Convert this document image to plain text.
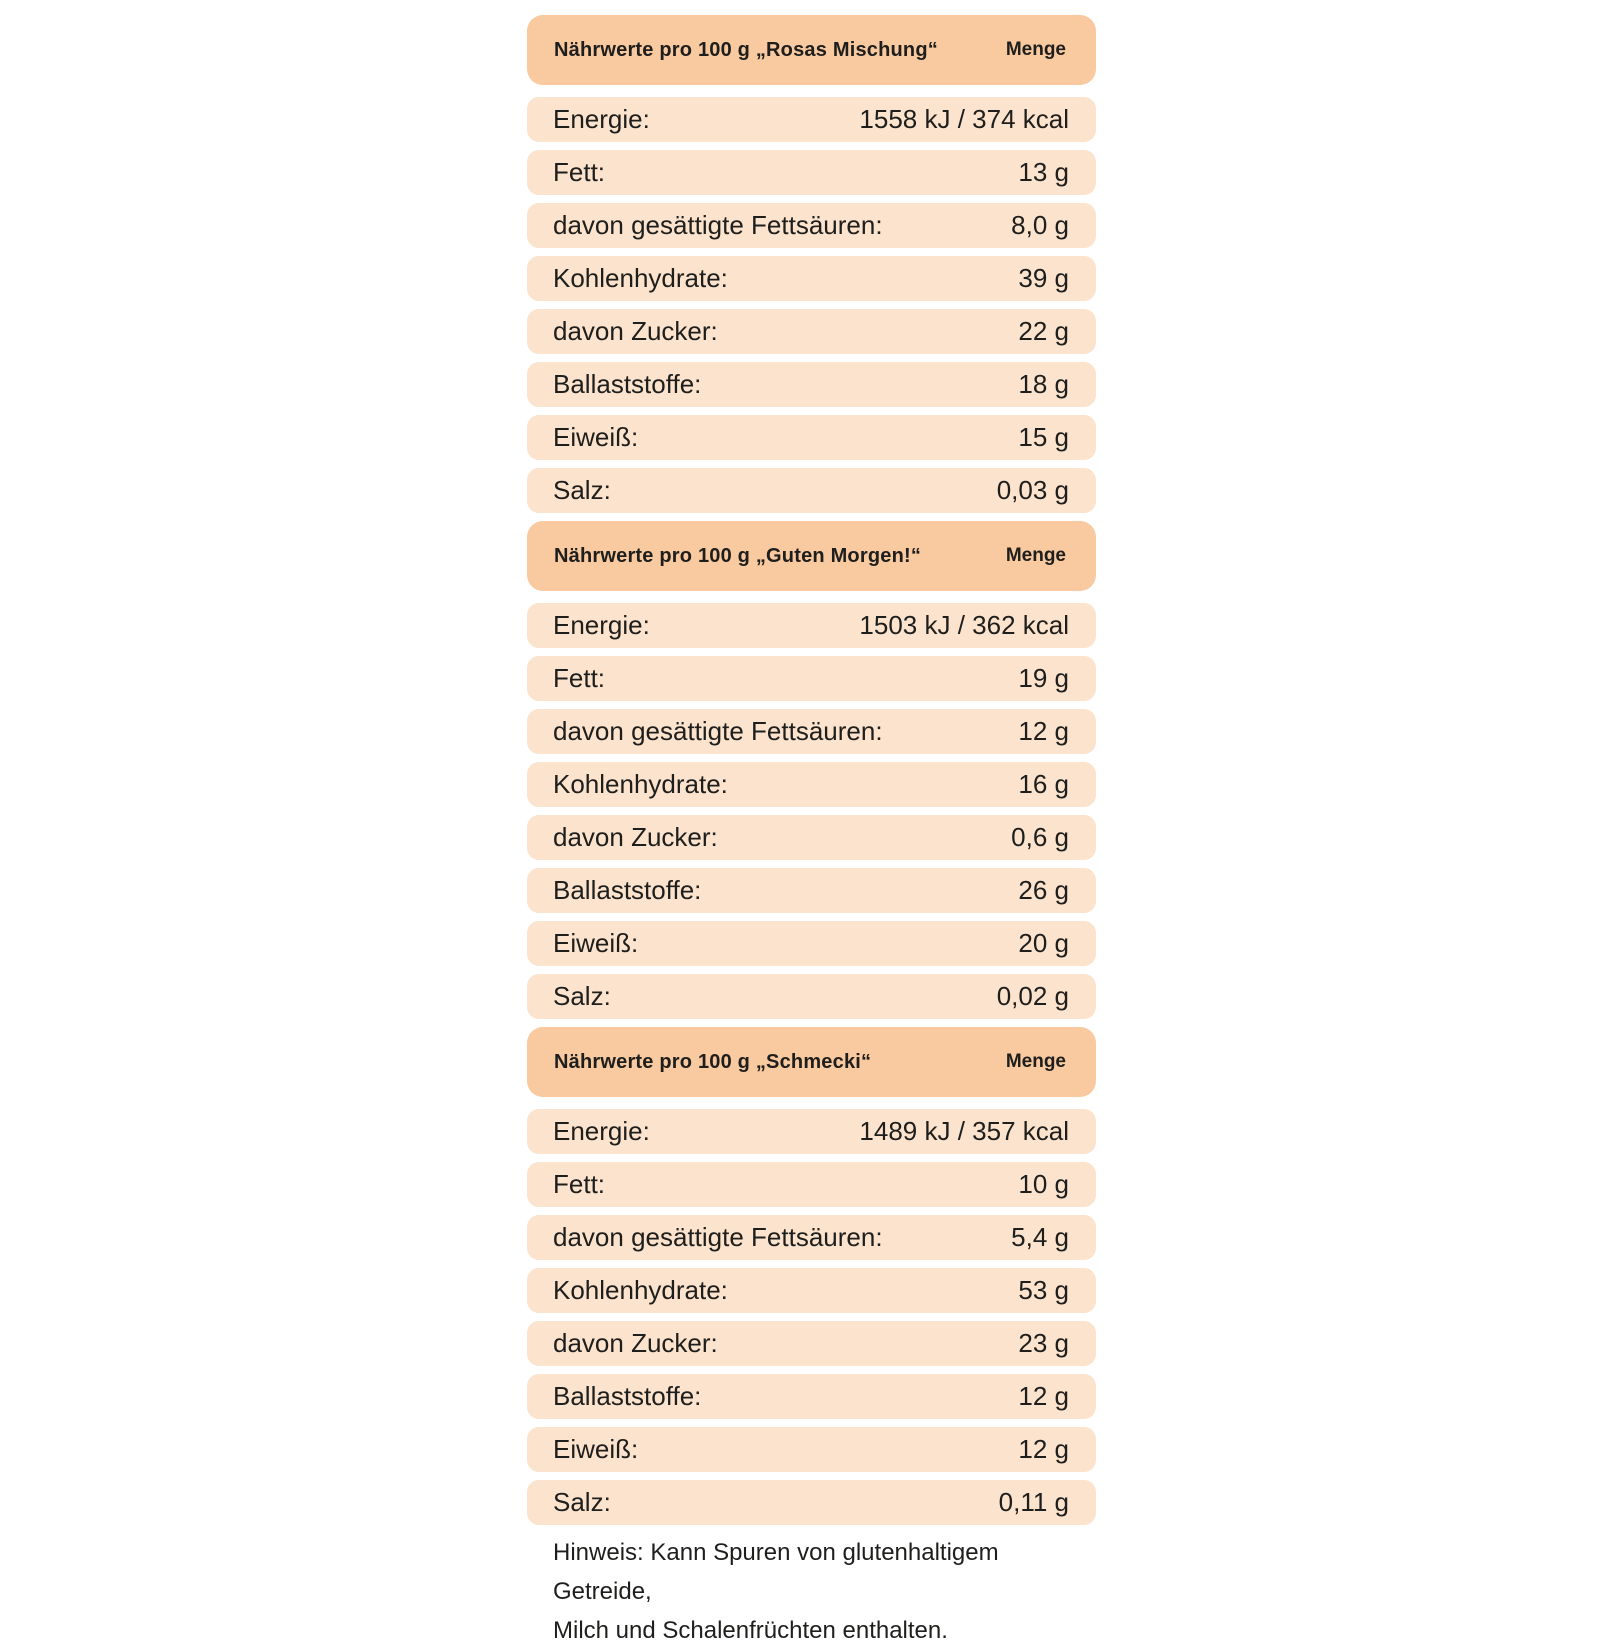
Nährwerte pro 100 g „Rosas Mischung“	Menge
Energie:	1558 kJ / 374 kcal
Fett:	13 g
davon gesättigte Fettsäuren:	8,0 g
Kohlenhydrate:	39 g
davon Zucker:	22 g
Ballaststoffe:	18 g
Eiweiß:	15 g
Salz:	0,03 g
Nährwerte pro 100 g „Guten Morgen!“	Menge
Energie:	1503 kJ / 362 kcal
Fett:	19 g
davon gesättigte Fettsäuren:	12 g
Kohlenhydrate:	16 g
davon Zucker:	0,6 g
Ballaststoffe:	26 g
Eiweiß:	20 g
Salz:	0,02 g
Nährwerte pro 100 g „Schmecki“	Menge
Energie:	1489 kJ / 357 kcal
Fett:	10 g
davon gesättigte Fettsäuren:	5,4 g
Kohlenhydrate:	53 g
davon Zucker:	23 g
Ballaststoffe:	12 g
Eiweiß:	12 g
Salz:	0,11 g
Hinweis: Kann Spuren von glutenhaltigem Getreide,
Milch und Schalenfrüchten enthalten.
